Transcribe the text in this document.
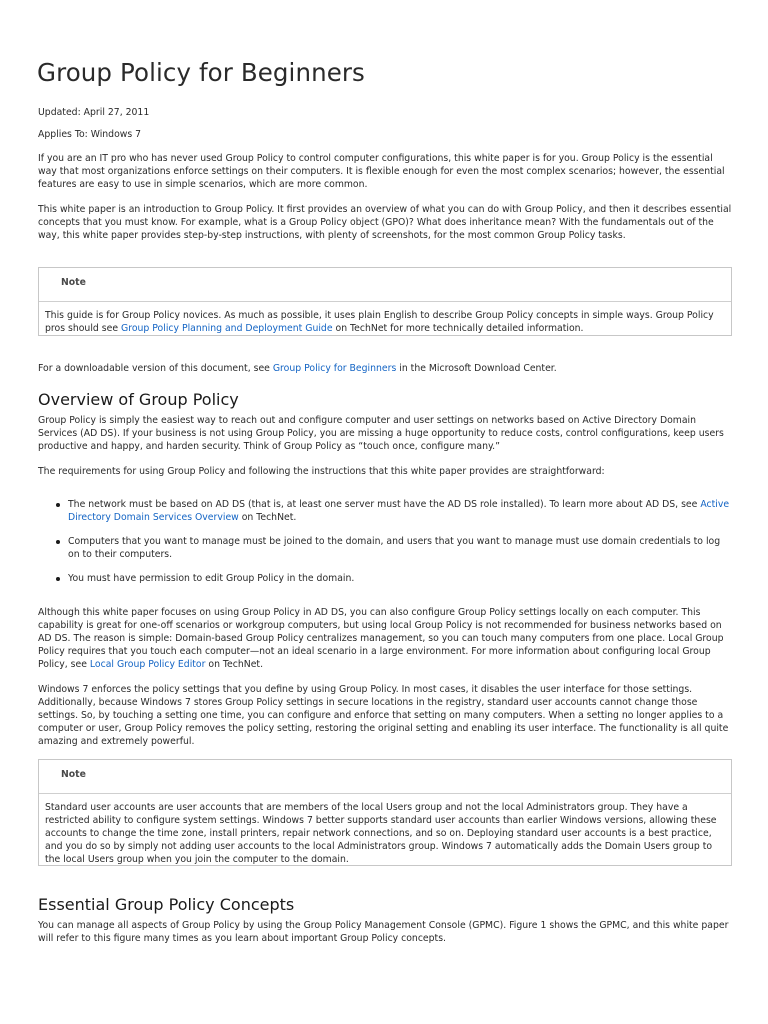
Group Policy for Beginners

Updated: April 27, 2011

Applies To: Windows 7

If you are an IT pro who has never used Group Policy to control computer configurations, this white paper is for you. Group Policy is the essential way that most organizations enforce settings on their computers. It is flexible enough for even the most complex scenarios; however, the essential features are easy to use in simple scenarios, which are more common.

This white paper is an introduction to Group Policy. It first provides an overview of what you can do with Group Policy, and then it describes essential concepts that you must know. For example, what is a Group Policy object (GPO)? What does inheritance mean? With the fundamentals out of the way, this white paper provides step-by-step instructions, with plenty of screenshots, for the most common Group Policy tasks.

Note
This guide is for Group Policy novices. As much as possible, it uses plain English to describe Group Policy concepts in simple ways. Group Policy pros should see Group Policy Planning and Deployment Guide on TechNet for more technically detailed information.

For a downloadable version of this document, see Group Policy for Beginners in the Microsoft Download Center.

Overview of Group Policy

Group Policy is simply the easiest way to reach out and configure computer and user settings on networks based on Active Directory Domain Services (AD DS). If your business is not using Group Policy, you are missing a huge opportunity to reduce costs, control configurations, keep users productive and happy, and harden security. Think of Group Policy as “touch once, configure many.”

The requirements for using Group Policy and following the instructions that this white paper provides are straightforward:

The network must be based on AD DS (that is, at least one server must have the AD DS role installed). To learn more about AD DS, see Active Directory Domain Services Overview on TechNet.
Computers that you want to manage must be joined to the domain, and users that you want to manage must use domain credentials to log on to their computers.
You must have permission to edit Group Policy in the domain.

Although this white paper focuses on using Group Policy in AD DS, you can also configure Group Policy settings locally on each computer. This capability is great for one-off scenarios or workgroup computers, but using local Group Policy is not recommended for business networks based on AD DS. The reason is simple: Domain-based Group Policy centralizes management, so you can touch many computers from one place. Local Group Policy requires that you touch each computer—not an ideal scenario in a large environment. For more information about configuring local Group Policy, see Local Group Policy Editor on TechNet.

Windows 7 enforces the policy settings that you define by using Group Policy. In most cases, it disables the user interface for those settings. Additionally, because Windows 7 stores Group Policy settings in secure locations in the registry, standard user accounts cannot change those settings. So, by touching a setting one time, you can configure and enforce that setting on many computers. When a setting no longer applies to a computer or user, Group Policy removes the policy setting, restoring the original setting and enabling its user interface. The functionality is all quite amazing and extremely powerful.

Note
Standard user accounts are user accounts that are members of the local Users group and not the local Administrators group. They have a restricted ability to configure system settings. Windows 7 better supports standard user accounts than earlier Windows versions, allowing these accounts to change the time zone, install printers, repair network connections, and so on. Deploying standard user accounts is a best practice, and you do so by simply not adding user accounts to the local Administrators group. Windows 7 automatically adds the Domain Users group to the local Users group when you join the computer to the domain.
Essential Group Policy Concepts

You can manage all aspects of Group Policy by using the Group Policy Management Console (GPMC). Figure 1 shows the GPMC, and this white paper will refer to this figure many times as you learn about important Group Policy concepts.
